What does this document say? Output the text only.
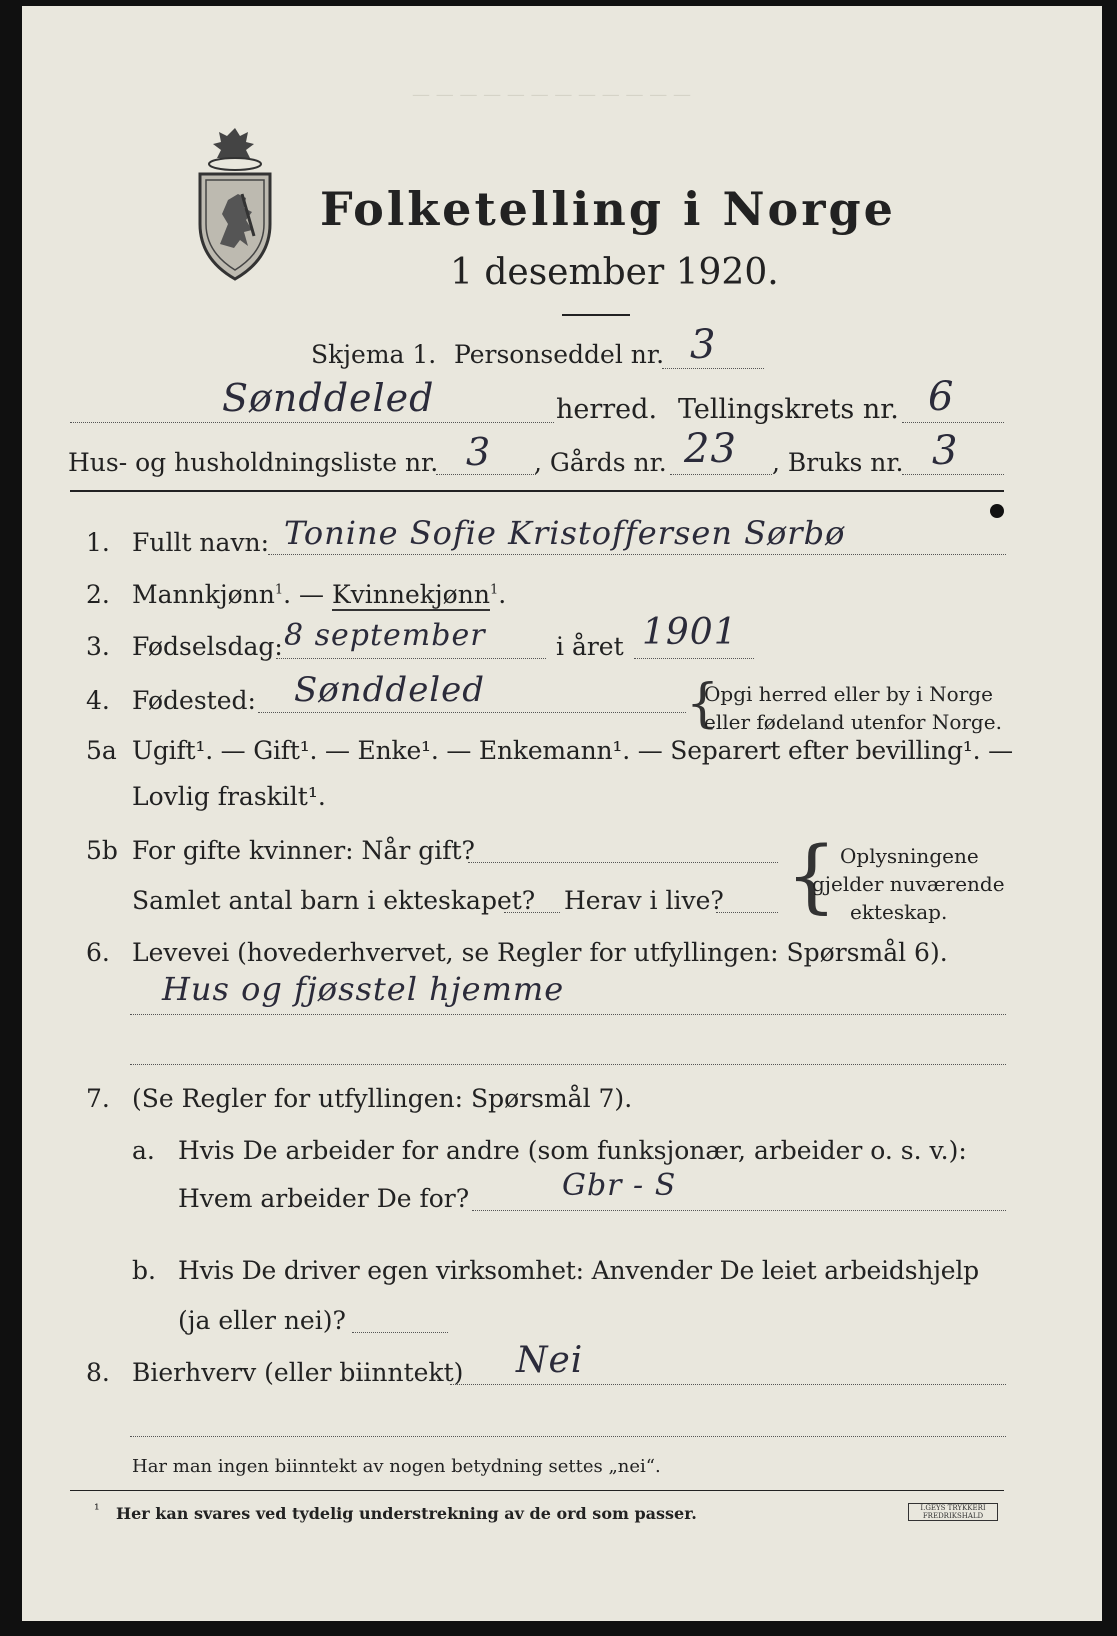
— — — — — — — — — — — —
Folketelling i Norge
1 desember 1920.
Skjema 1. Personseddel nr. 3
Sønddeled	herred. Tellingskrets nr. 6
Hus- og husholdningsliste nr. 3 , Gårds nr. 23 , Bruks nr. 3
1. Fullt navn: Tonine Sofie Kristoffersen Sørbø
2. Mannkjønn$^1$. — Kvinnekjønn$^1$.
3. Fødselsdag: 8 september	i året 1901
4. Fødested: Sønddeled	{
Opgi herred eller by i Norge
eller fødeland utenfor Norge.
5a Ugift¹. — Gift¹. — Enke¹. — Enkemann¹. — Separert efter bevilling¹. —
Lovlig fraskilt¹.
5b For gifte kvinner: Når gift?
Samlet antal barn i ekteskapet? Herav i live? { Oplysningene
gjelder nuværende
ekteskap.
6. Levevei (hovederhvervet, se Regler for utfyllingen: Spørsmål 6).
Hus og fjøsstel hjemme
7. (Se Regler for utfyllingen: Spørsmål 7).
a. Hvis De arbeider for andre (som funksjonær, arbeider o. s. v.):
Hvem arbeider De for?	Gbr - S
b. Hvis De driver egen virksomhet: Anvender De leiet arbeidshjelp
(ja eller nei)?
8. Bierhverv (eller biinntekt) Nei
Har man ingen biinntekt av nogen betydning settes „nei“.
¹ Her kan svares ved tydelig understrekning av de ord som passer.	I.GEYS TRYKKERI FREDRIKSHALD
